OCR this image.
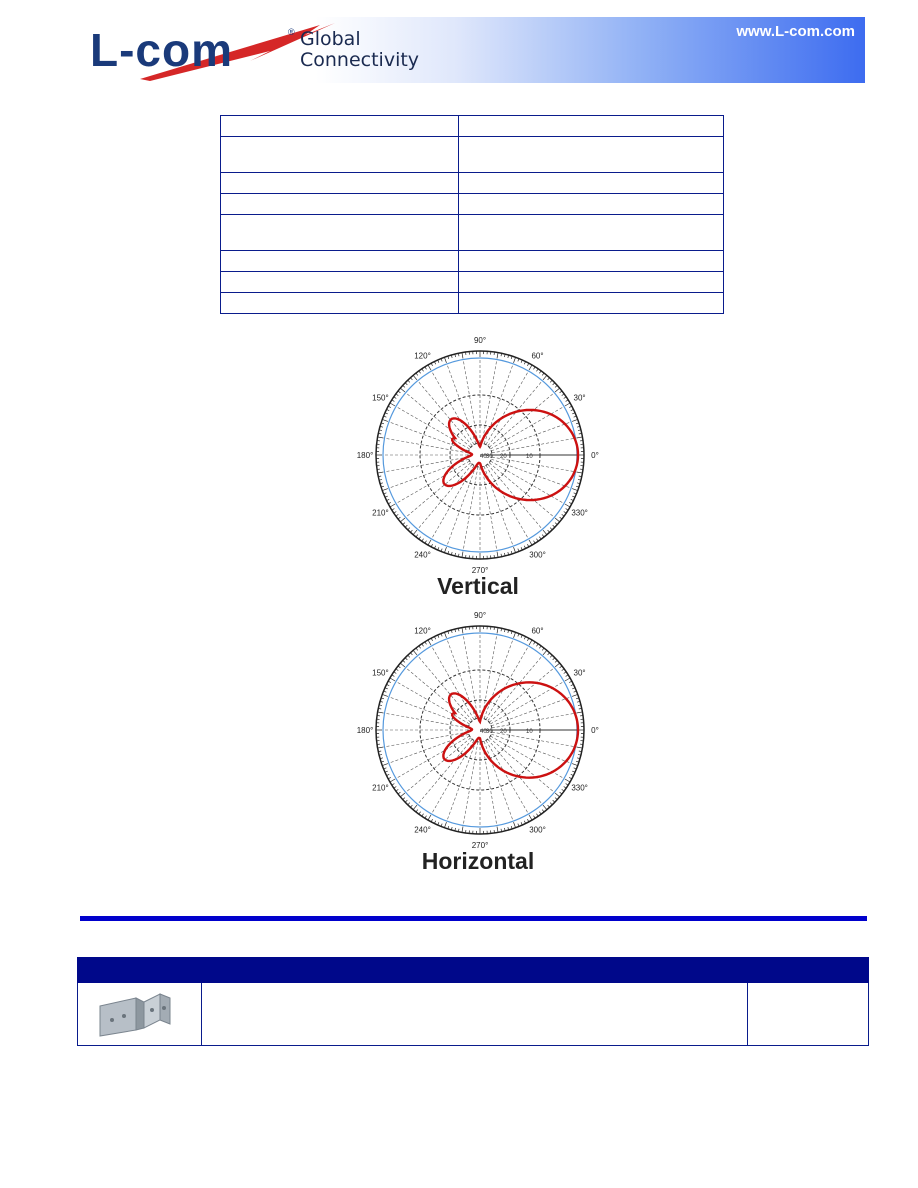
L-com	® Global
Connectivity
www.L-com.com

0°
30°
60°
90°
120°
150°
180°
210°
240°
270°
300°
330°
10
20
30
40
Vertical
0°
30°
60°
90°
120°
150°
180°
210°
240°
270°
300°
330°
10
20
30
40
Horizontal
